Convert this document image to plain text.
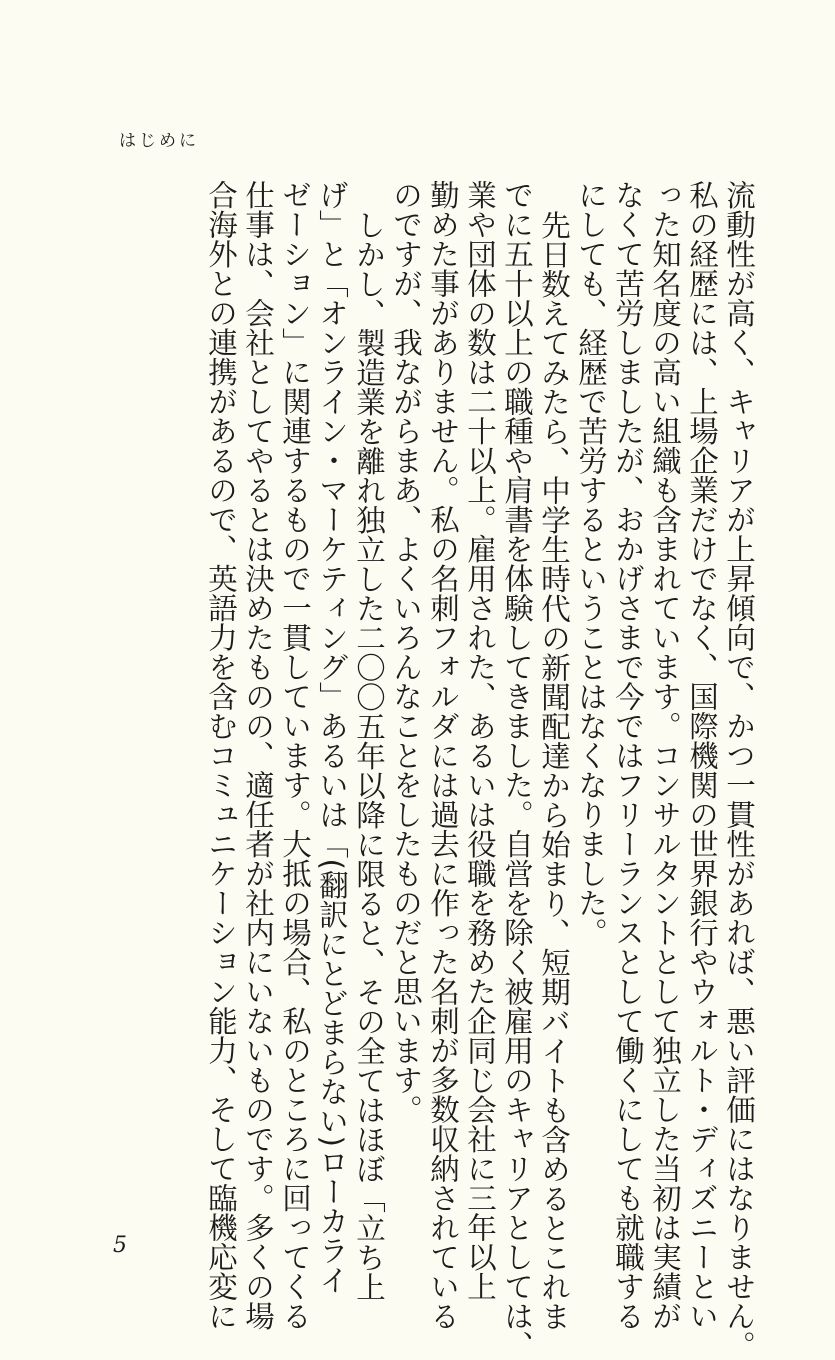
はじめに

流動性が高く、キャリアが上昇傾向で、かつ一貫性があれば、悪い評価にはなりません。

私の経歴には、上場企業だけでなく、国際機関の世界銀行やウォルト・ディズニーとい

った知名度の高い組織も含まれています。コンサルタントとして独立した当初は実績が

なくて苦労しましたが、おかげさまで今ではフリーランスとして働くにしても就職する

にしても、経歴で苦労するということはなくなりました。

先日数えてみたら、中学生時代の新聞配達から始まり、短期バイトも含めるとこれま

でに五十以上の職種や肩書を体験してきました。自営を除く被雇用のキャリアとしては、

業や団体の数は二十以上。雇用された、あるいは役職を務めた企同じ会社に三年以上

勤めた事がありません。私の名刺フォルダには過去に作った名刺が多数収納されている

のですが、我ながらまあ、よくいろんなことをしたものだと思います。

しかし、製造業を離れ独立した二〇〇五年以降に限ると、その全てはほぼ「立ち上

げ」と「オンライン・マーケティング」あるいは「(翻訳にとどまらない)ローカライ

ゼーション」に関連するもので一貫しています。大抵の場合、私のところに回ってくる

仕事は、会社としてやるとは決めたものの、適任者が社内にいないものです。多くの場

合海外との連携があるので、英語力を含むコミュニケーション能力、そして臨機応変に

5
